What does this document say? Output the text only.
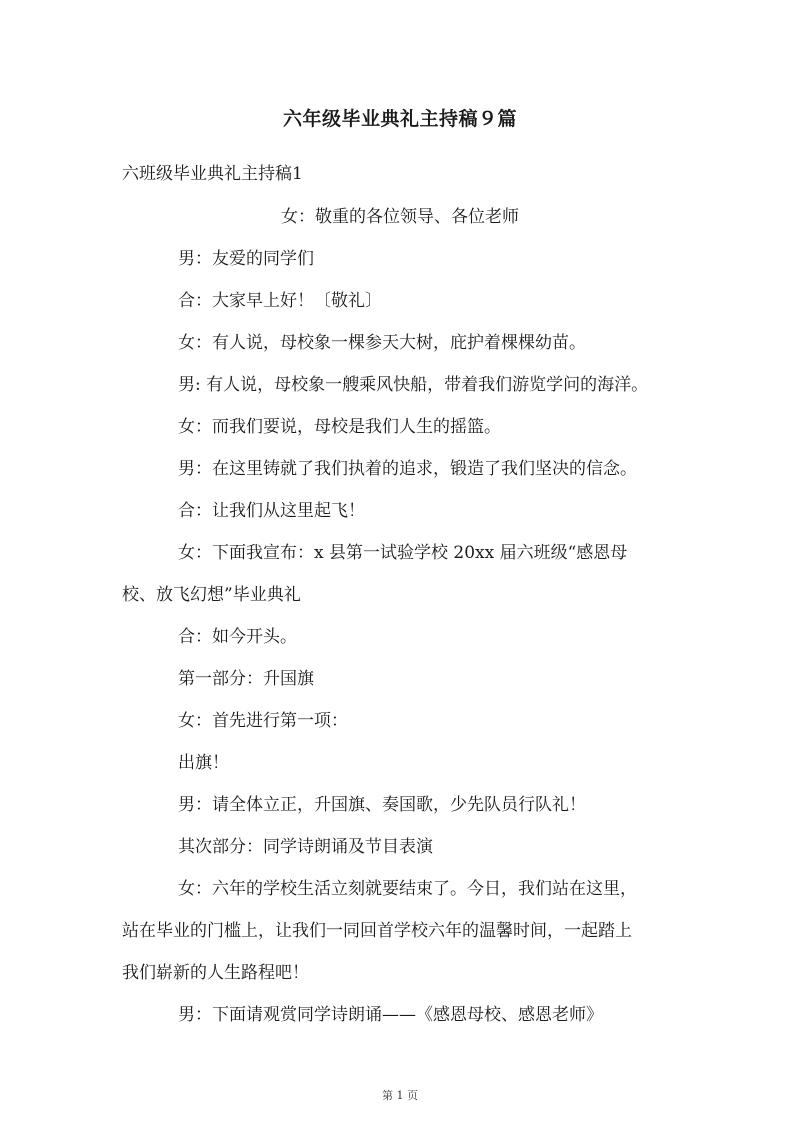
六年级毕业典礼主持稿９篇
六班级毕业典礼主持稿1
女：敬重的各位领导、各位老师
男：友爱的同学们
合：大家早上好！〔敬礼〕
女：有人说，母校象一棵参天大树，庇护着棵棵幼苗。
男: 有人说，母校象一艘乘风快船，带着我们游览学问的海洋。
女：而我们要说，母校是我们人生的摇篮。
男：在这里铸就了我们执着的追求，锻造了我们坚决的信念。
合：让我们从这里起飞！
女：下面我宣布：x 县第一试验学校 20xx 届六班级“感恩母
校、放飞幻想”毕业典礼
合：如今开头。
第一部分：升国旗
女：首先进行第一项：
出旗！
男：请全体立正，升国旗、奏国歌，少先队员行队礼！
其次部分：同学诗朗诵及节目表演
女：六年的学校生活立刻就要结束了。今日，我们站在这里，
站在毕业的门槛上，让我们一同回首学校六年的温馨时间，一起踏上
我们崭新的人生路程吧！
男：下面请观赏同学诗朗诵——《感恩母校、感恩老师》
第 1 页
